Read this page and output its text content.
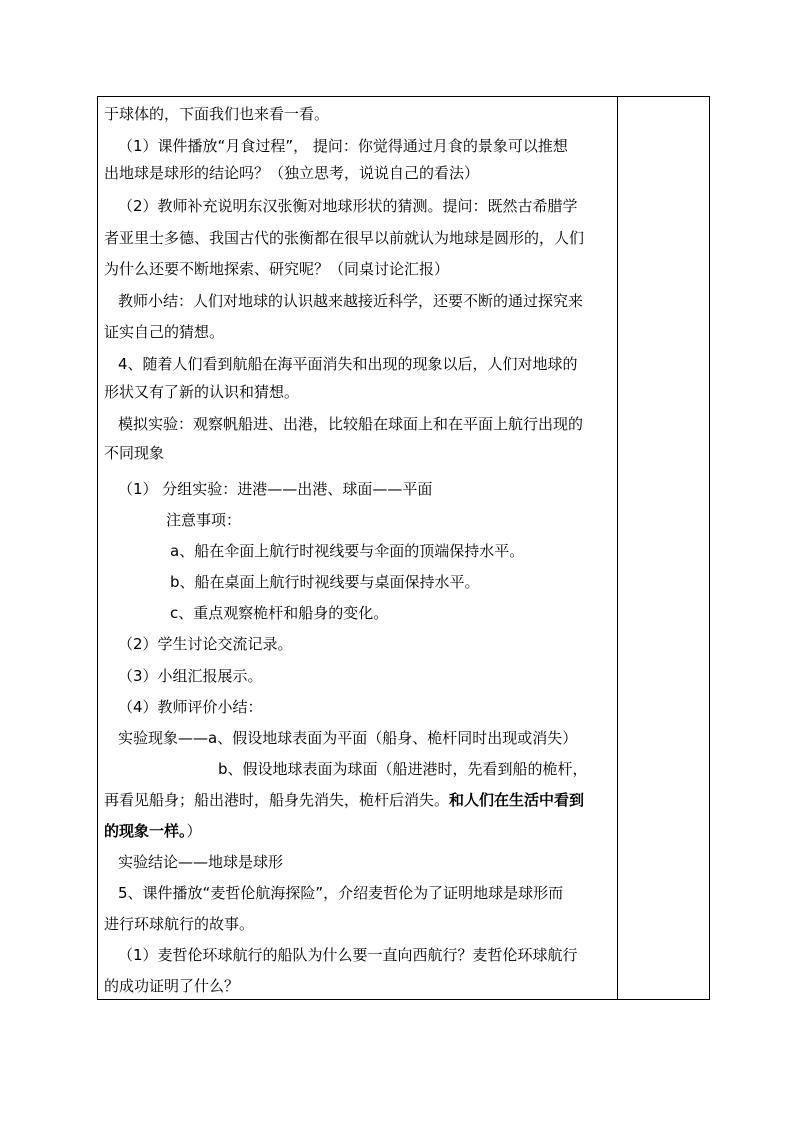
于球体的，下面我们也来看一看。
（1）课件播放“月食过程”， 提问：你觉得通过月食的景象可以推想
出地球是球形的结论吗？（独立思考，说说自己的看法）
（2）教师补充说明东汉张衡对地球形状的猜测。提问：既然古希腊学
者亚里士多德、我国古代的张衡都在很早以前就认为地球是圆形的，人们
为什么还要不断地探索、研究呢？（同桌讨论汇报）
教师小结：人们对地球的认识越来越接近科学，还要不断的通过探究来
证实自己的猜想。
4、随着人们看到航船在海平面消失和出现的现象以后，人们对地球的
形状又有了新的认识和猜想。
模拟实验：观察帆船进、出港，比较船在球面上和在平面上航行出现的
不同现象
（1） 分组实验：进港——出港、球面——平面
注意事项：
a、船在伞面上航行时视线要与伞面的顶端保持水平。
b、船在桌面上航行时视线要与桌面保持水平。
c、重点观察桅杆和船身的变化。
（2）学生讨论交流记录。
（3）小组汇报展示。
（4）教师评价小结：
实验现象——a、假设地球表面为平面（船身、桅杆同时出现或消失）
b、假设地球表面为球面（船进港时，先看到船的桅杆，
再看见船身；船出港时，船身先消失，桅杆后消失。和人们在生活中看到
的现象一样。）
实验结论——地球是球形
5、课件播放“麦哲伦航海探险”，介绍麦哲伦为了证明地球是球形而
进行环球航行的故事。
（1）麦哲伦环球航行的船队为什么要一直向西航行？麦哲伦环球航行
的成功证明了什么？
